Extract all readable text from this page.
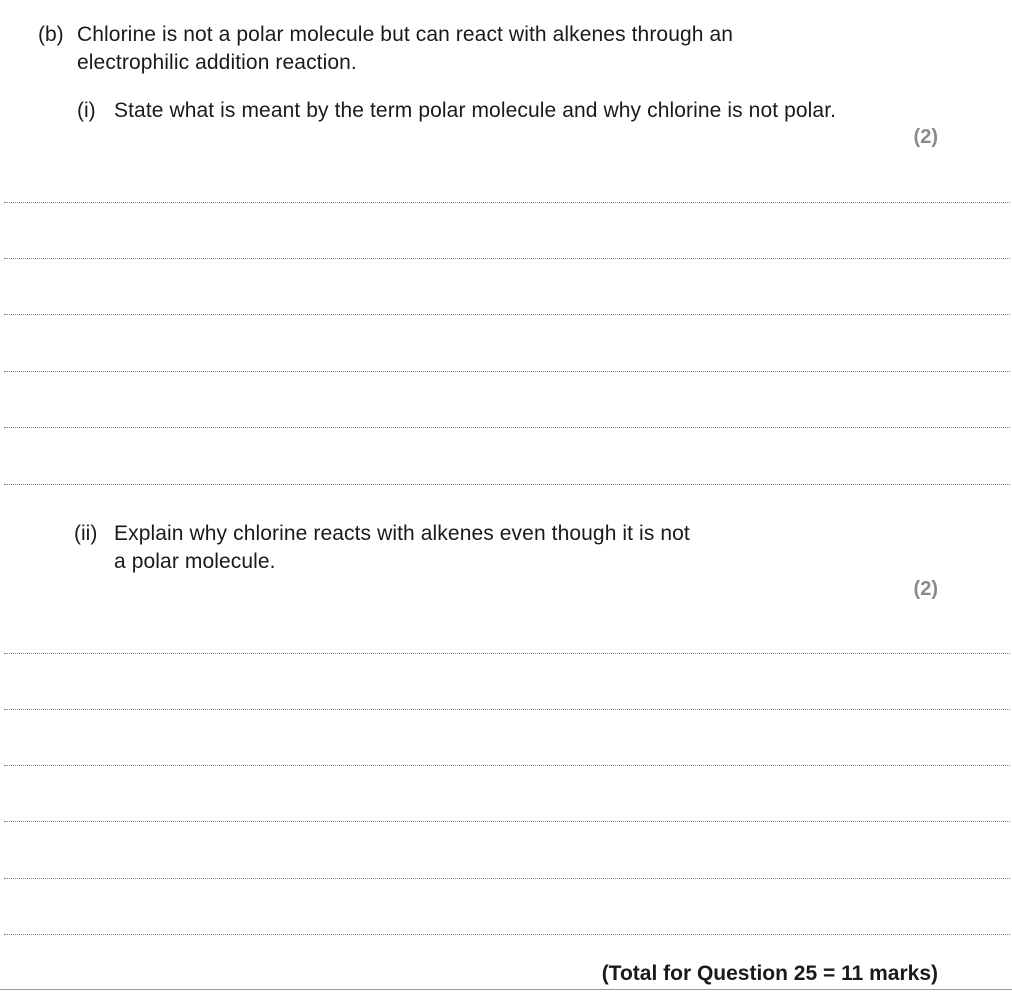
(b) Chlorine is not a polar molecule but can react with alkenes through an
electrophilic addition reaction.
(i) State what is meant by the term polar molecule and why chlorine is not polar.
(2)
(ii) Explain why chlorine reacts with alkenes even though it is not
a polar molecule.
(2)
(Total for Question 25 = 11 marks)
